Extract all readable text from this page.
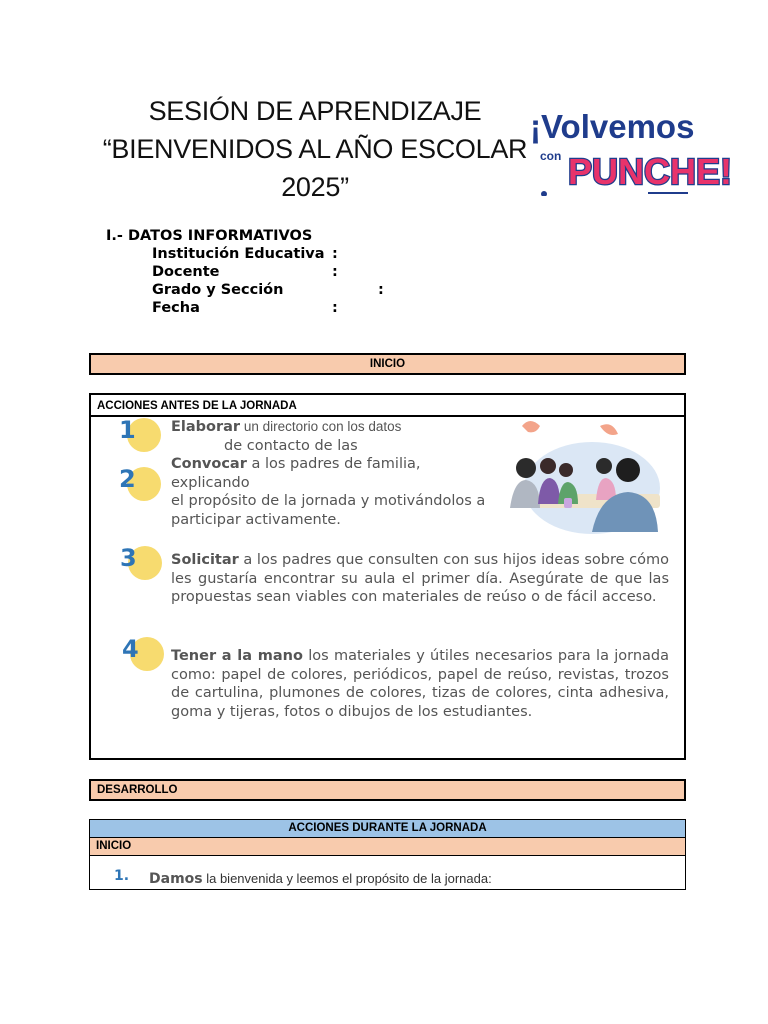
SESIÓN DE APRENDIZAJE
“BIENVENIDOS AL AÑO ESCOLAR
2025”
¡Volvemos
con PUNCHE!
I.- DATOS INFORMATIVOS
Institución Educativa :
Docente	:
Grado y Sección	:
Fecha	:
INICIO
ACCIONES ANTES DE LA JORNADA
1 Elaborar un directorio con los datos
de contacto de las
2
Convocar a los padres de familia,
explicando
el propósito de la jornada y motivándolos a
participar activamente.
3 Solicitar a los padres que consulten con sus hijos ideas sobre cómo les gustaría encontrar su aula el primer día. Asegúrate de que las propuestas sean viables con materiales de reúso o de fácil acceso.
4 Tener a la mano los materiales y útiles necesarios para la jornada como: papel de colores, periódicos, papel de reúso, revistas, trozos de cartulina, plumones de colores, tizas de colores, cinta adhesiva, goma y tijeras, fotos o dibujos de los estudiantes.
DESARROLLO
ACCIONES DURANTE LA JORNADA
INICIO
1. Damos la bienvenida y leemos el propósito de la jornada:
